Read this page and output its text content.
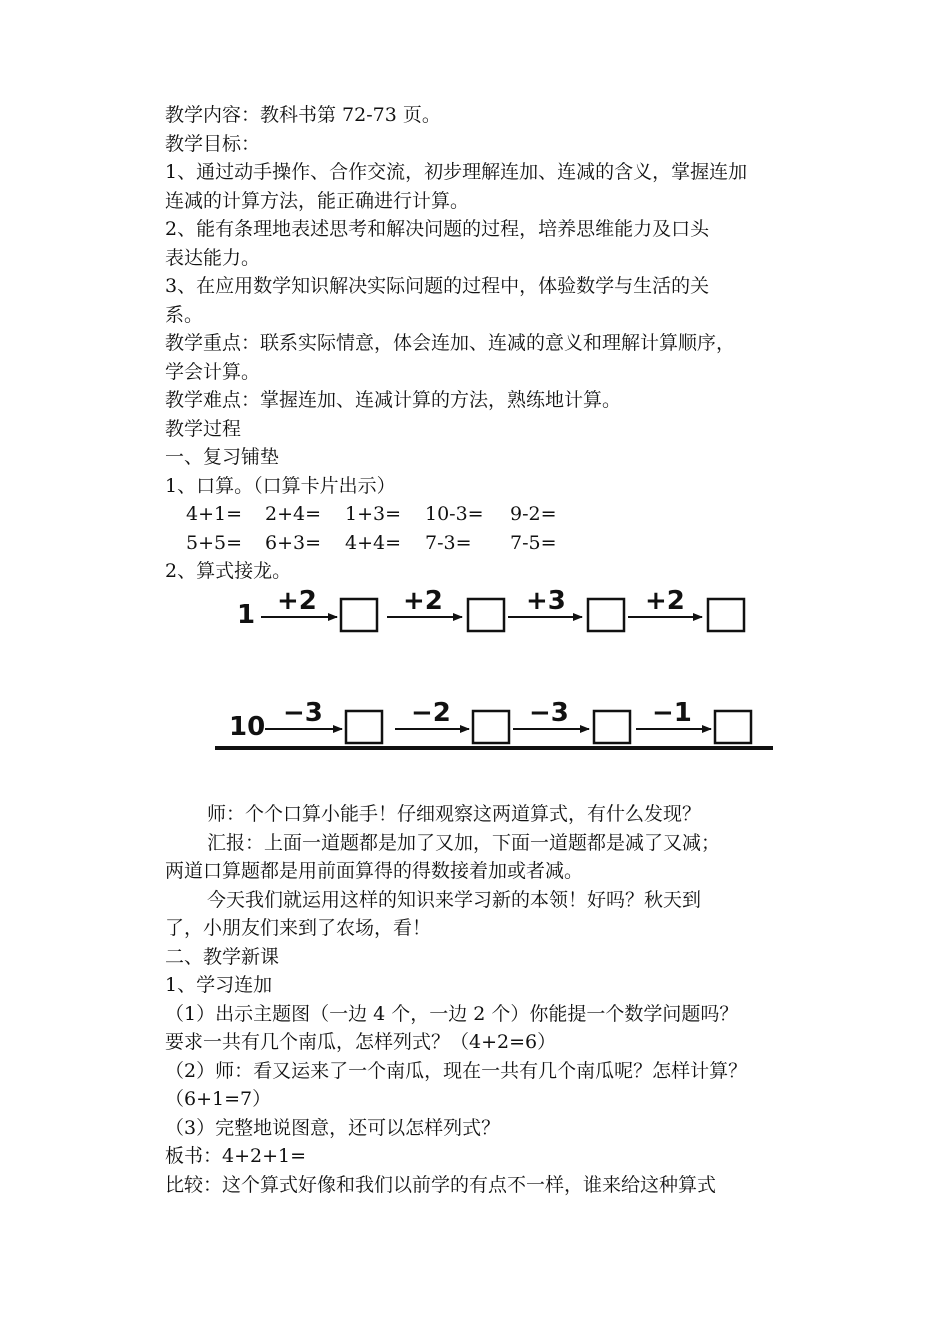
教学内容：教科书第 72-73 页。
教学目标：
1、通过动手操作、合作交流，初步理解连加、连减的含义，掌握连加
连减的计算方法，能正确进行计算。
2、能有条理地表述思考和解决问题的过程，培养思维能力及口头
表达能力。
3、在应用数学知识解决实际问题的过程中，体验数学与生活的关
系。
教学重点：联系实际情意，体会连加、连减的意义和理解计算顺序，
学会计算。
教学难点：掌握连加、连减计算的方法，熟练地计算。
教学过程
一、复习铺垫
1、口算。（口算卡片出示）
4+1= 2+4= 1+3= 10-3= 9-2=
5+5= 6+3= 4+4= 7-3= 7-5=
2、算式接龙。
1 +2	+2	+3	+2
10 −3	−2	−3	−1
师：个个口算小能手！仔细观察这两道算式，有什么发现？
汇报：上面一道题都是加了又加，下面一道题都是减了又减；
两道口算题都是用前面算得的得数接着加或者减。
今天我们就运用这样的知识来学习新的本领！好吗？秋天到
了，小朋友们来到了农场，看！
二、教学新课
1、学习连加
（1）出示主题图（一边 4 个，一边 2 个）你能提一个数学问题吗？
要求一共有几个南瓜，怎样列式？（4+2=6）
（2）师：看又运来了一个南瓜，现在一共有几个南瓜呢？怎样计算？
（6+1=7）
（3）完整地说图意，还可以怎样列式？
板书：4+2+1=
比较：这个算式好像和我们以前学的有点不一样，谁来给这种算式
